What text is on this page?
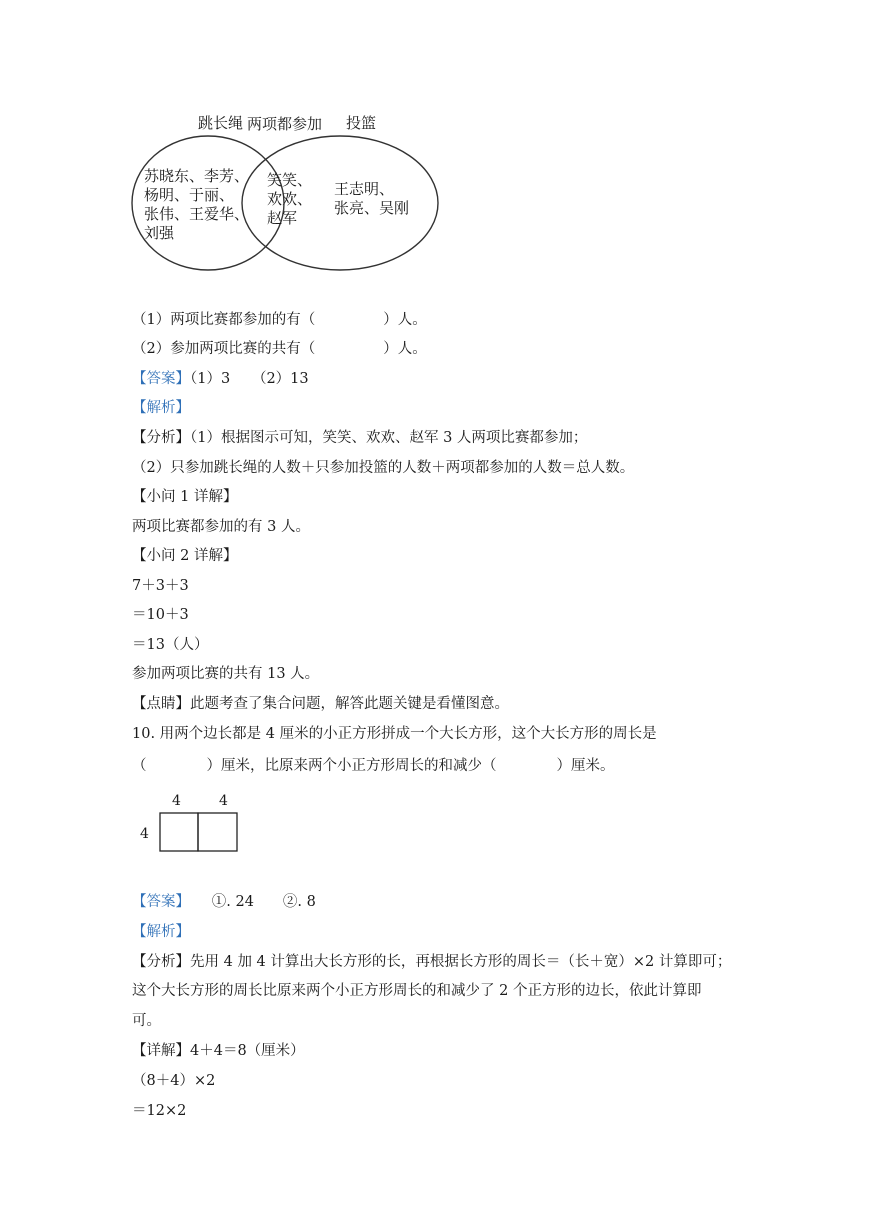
跳长绳 两项都参加 投篮
苏晓东、李芳、
杨明、于丽、
张伟、王爱华、
刘强
笑笑、
欢欢、
赵军
王志明、
张亮、吴刚
（1）两项比赛都参加的有（	）人。
（2）参加两项比赛的共有（	）人。
【答案】（1）3　　（2）13
【解析】
【分析】（1）根据图示可知，笑笑、欢欢、赵军 3 人两项比赛都参加；
（2）只参加跳长绳的人数＋只参加投篮的人数＋两项都参加的人数＝总人数。
【小问 1 详解】
两项比赛都参加的有 3 人。
【小问 2 详解】
7＋3＋3
＝10＋3
＝13（人）
参加两项比赛的共有 13 人。
【点睛】此题考查了集合问题，解答此题关键是看懂图意。
10. 用两个边长都是 4 厘米的小正方形拼成一个大长方形，这个大长方形的周长是
（	）厘米，比原来两个小正方形周长的和减少（	）厘米。
4	4
4
【答案】　　①. 24　　②. 8
【解析】
【分析】先用 4 加 4 计算出大长方形的长，再根据长方形的周长＝（长＋宽）×2 计算即可；
这个大长方形的周长比原来两个小正方形周长的和减少了 2 个正方形的边长，依此计算即
可。
【详解】4＋4＝8（厘米）
（8＋4）×2
＝12×2
